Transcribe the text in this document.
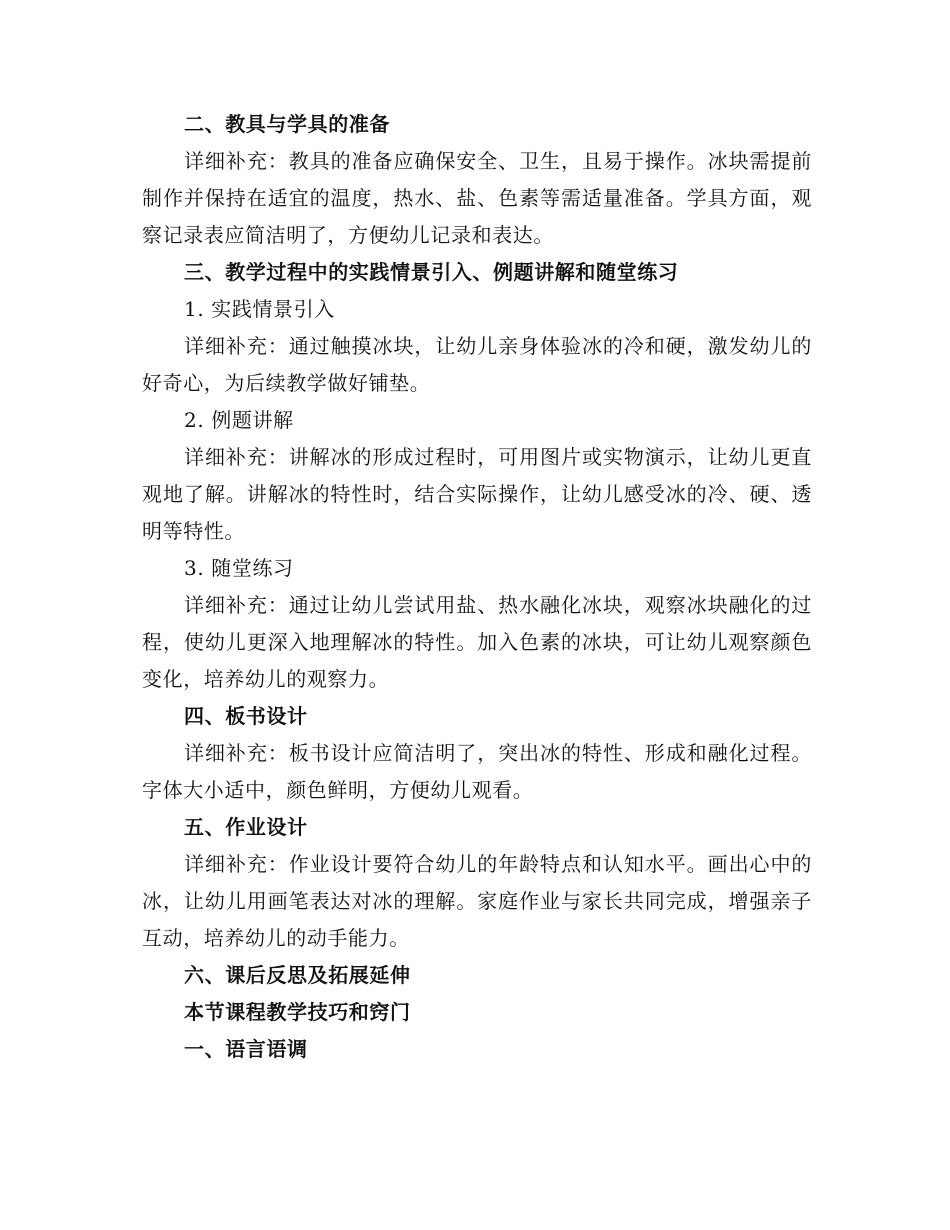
二、教具与学具的准备

详细补充：教具的准备应确保安全、卫生，且易于操作。冰块需提前制作并保持在适宜的温度，热水、盐、色素等需适量准备。学具方面，观察记录表应简洁明了，方便幼儿记录和表达。

三、教学过程中的实践情景引入、例题讲解和随堂练习

1. 实践情景引入

详细补充：通过触摸冰块，让幼儿亲身体验冰的冷和硬，激发幼儿的好奇心，为后续教学做好铺垫。

2. 例题讲解

详细补充：讲解冰的形成过程时，可用图片或实物演示，让幼儿更直观地了解。讲解冰的特性时，结合实际操作，让幼儿感受冰的冷、硬、透明等特性。

3. 随堂练习

详细补充：通过让幼儿尝试用盐、热水融化冰块，观察冰块融化的过程，使幼儿更深入地理解冰的特性。加入色素的冰块，可让幼儿观察颜色变化，培养幼儿的观察力。

四、板书设计

详细补充：板书设计应简洁明了，突出冰的特性、形成和融化过程。字体大小适中，颜色鲜明，方便幼儿观看。

五、作业设计

详细补充：作业设计要符合幼儿的年龄特点和认知水平。画出心中的冰，让幼儿用画笔表达对冰的理解。家庭作业与家长共同完成，增强亲子互动，培养幼儿的动手能力。

六、课后反思及拓展延伸

本节课程教学技巧和窍门

一、语言语调
